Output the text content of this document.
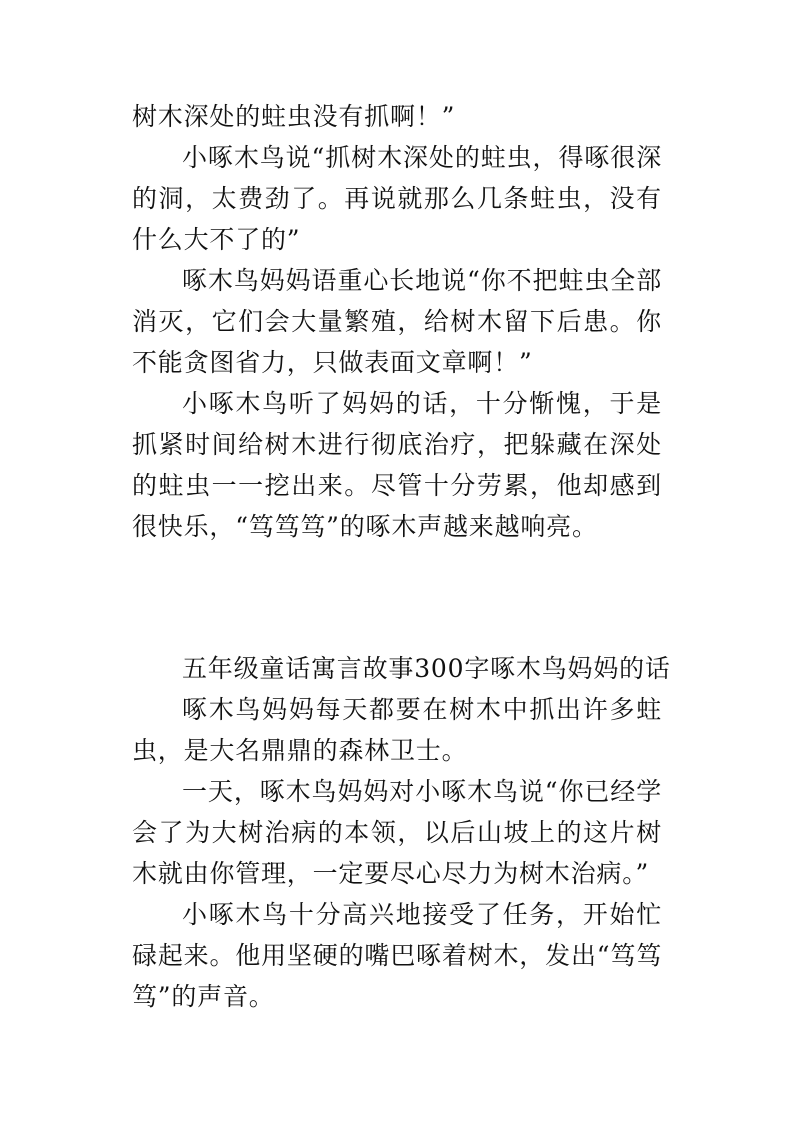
树木深处的蛀虫没有抓啊！”

小啄木鸟说“抓树木深处的蛀虫，得啄很深的洞，太费劲了。再说就那么几条蛀虫，没有什么大不了的”

啄木鸟妈妈语重心长地说“你不把蛀虫全部消灭，它们会大量繁殖，给树木留下后患。你不能贪图省力，只做表面文章啊！”

小啄木鸟听了妈妈的话，十分惭愧，于是抓紧时间给树木进行彻底治疗，把躲藏在深处的蛀虫一一挖出来。尽管十分劳累，他却感到很快乐，“笃笃笃”的啄木声越来越响亮。

五年级童话寓言故事300字啄木鸟妈妈的话

啄木鸟妈妈每天都要在树木中抓出许多蛀虫，是大名鼎鼎的森林卫士。

一天，啄木鸟妈妈对小啄木鸟说“你已经学会了为大树治病的本领，以后山坡上的这片树木就由你管理，一定要尽心尽力为树木治病。”

小啄木鸟十分高兴地接受了任务，开始忙碌起来。他用坚硬的嘴巴啄着树木，发出“笃笃笃”的声音。
